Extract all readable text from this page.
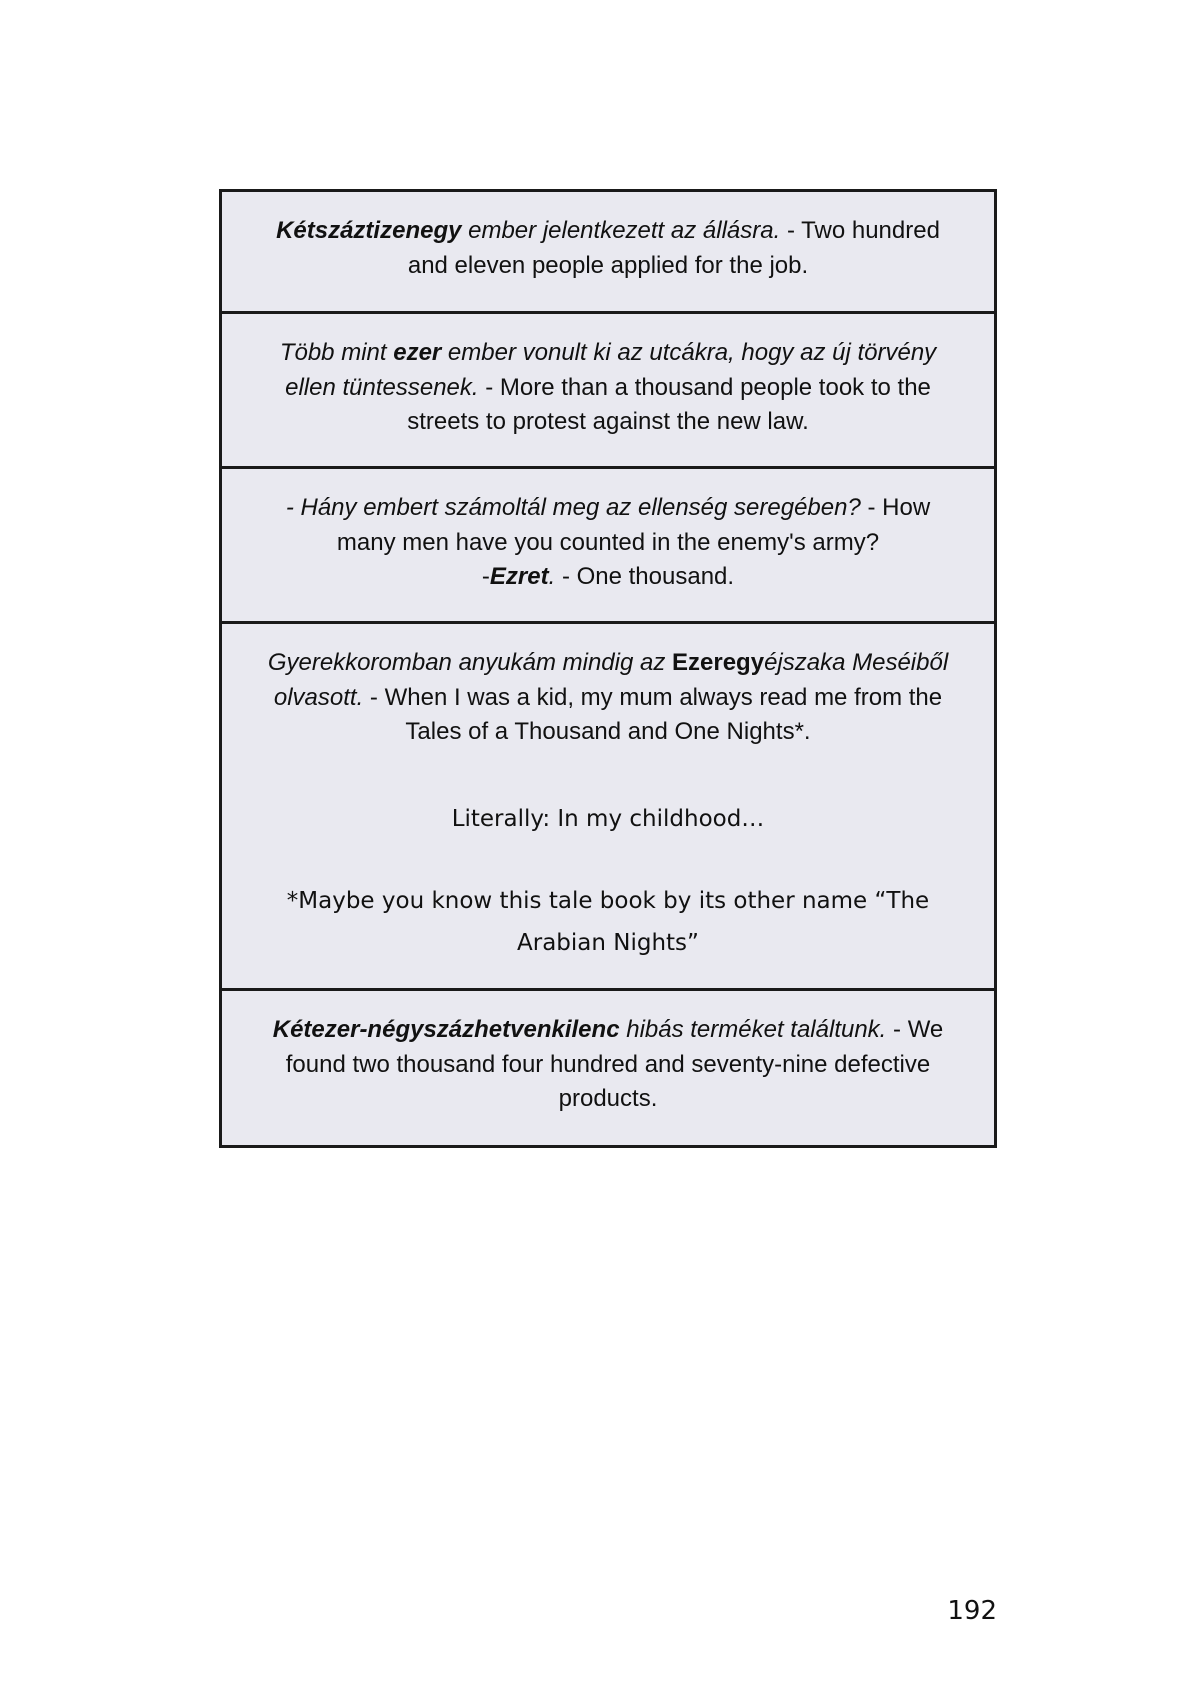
Kétszáztizenegy ember jelentkezett az állásra. - Two hundred and eleven people applied for the job.
Több mint ezer ember vonult ki az utcákra, hogy az új törvény ellen tüntessenek. - More than a thousand people took to the streets to protest against the new law.
- Hány embert számoltál meg az ellenség seregében? - How many men have you counted in the enemy's army?
-Ezret. - One thousand.
Gyerekkoromban anyukám mindig az Ezeregyéjszaka Meséiből olvasott. - When I was a kid, my mum always read me from the Tales of a Thousand and One Nights*.
Literally: In my childhood…
*Maybe you know this tale book by its other name “The Arabian Nights”
Kétezer-négyszázhetvenkilenc hibás terméket találtunk. - We found two thousand four hundred and seventy-nine defective products.
192
